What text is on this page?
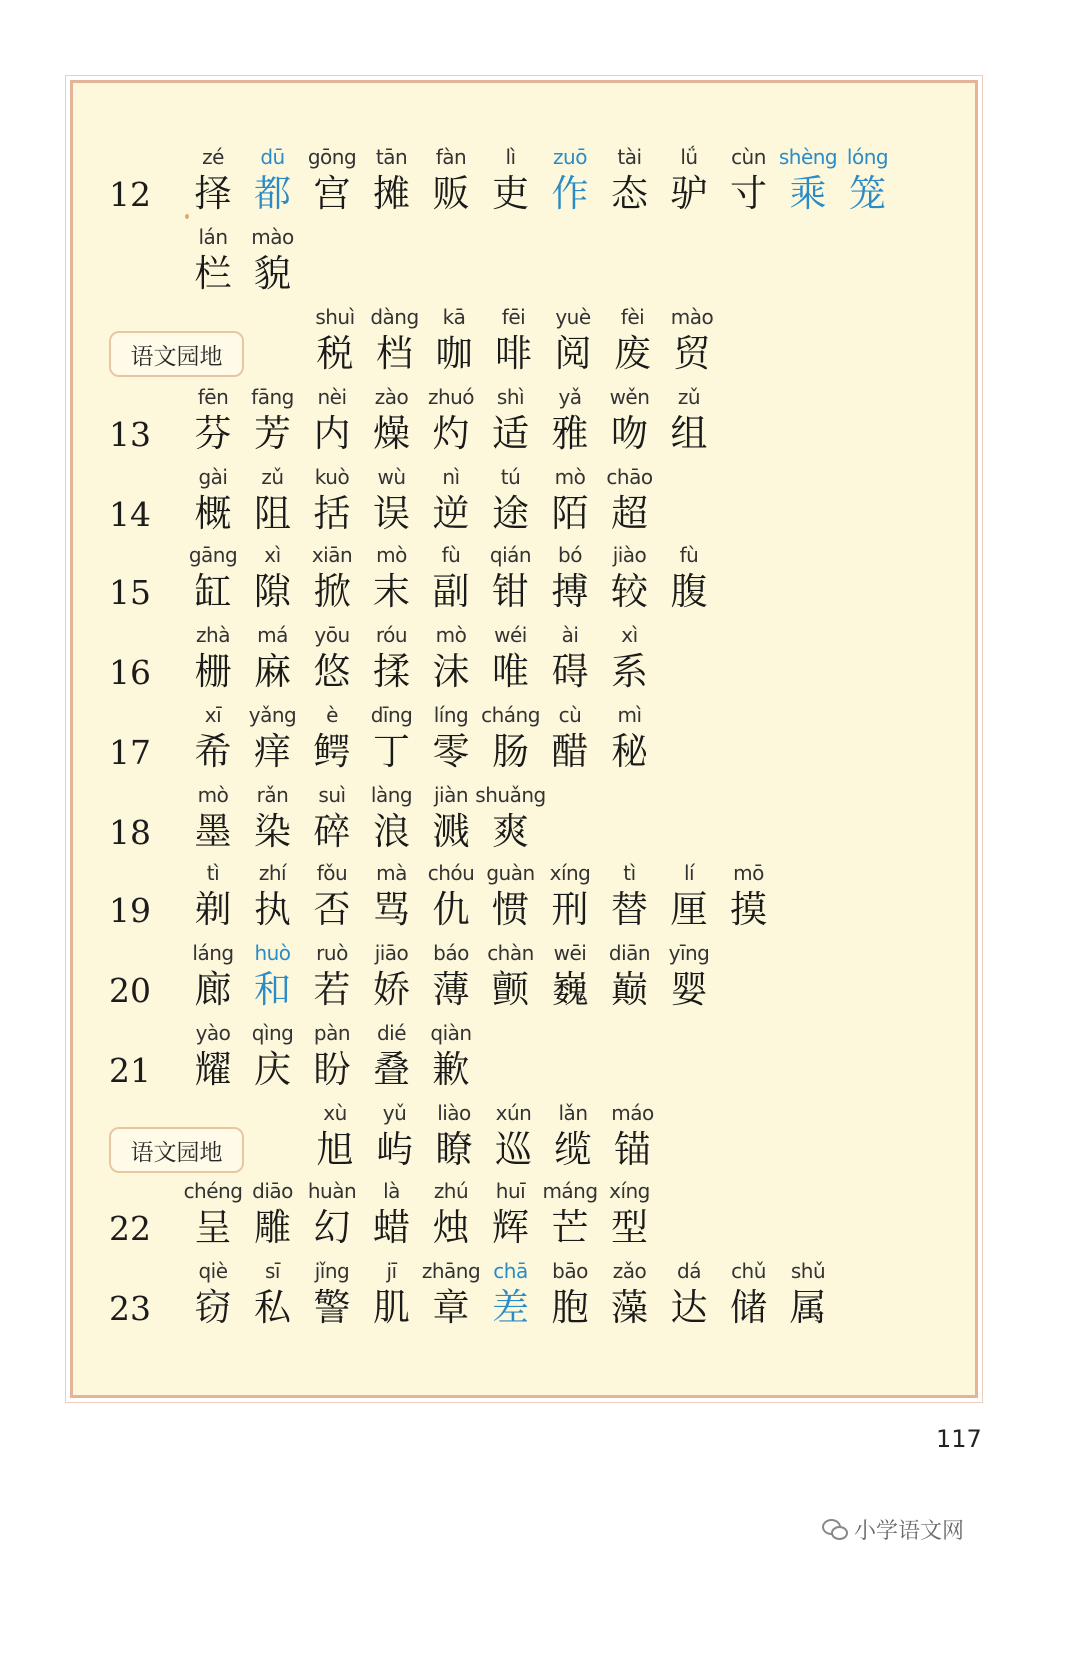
12
zé
择
dū
都
gōng
宫
tān
摊
fàn
贩
lì
吏
zuō
作
tài
态
lǘ
驴
cùn
寸
shèng
乘
lóng
笼
lán
栏
mào
貌
语文园地
shuì
税
dàng
档
kā
咖
fēi
啡
yuè
阅
fèi
废
mào
贸
13
fēn
芬
fāng
芳
nèi
内
zào
燥
zhuó
灼
shì
适
yǎ
雅
wěn
吻
zǔ
组
14
gài
概
zǔ
阻
kuò
括
wù
误
nì
逆
tú
途
mò
陌
chāo
超
15
gāng
缸
xì
隙
xiān
掀
mò
末
fù
副
qián
钳
bó
搏
jiào
较
fù
腹
16
zhà
栅
má
麻
yōu
悠
róu
揉
mò
沫
wéi
唯
ài
碍
xì
系
17
xī
希
yǎng
痒
è
鳄
dīng
丁
líng
零
cháng
肠
cù
醋
mì
秘
18
mò
墨
rǎn
染
suì
碎
làng
浪
jiàn
溅
shuǎng
爽
19
tì
剃
zhí
执
fǒu
否
mà
骂
chóu
仇
guàn
惯
xíng
刑
tì
替
lí
厘
mō
摸
20
láng
廊
huò
和
ruò
若
jiāo
娇
báo
薄
chàn
颤
wēi
巍
diān
巅
yīng
婴
21
yào
耀
qìng
庆
pàn
盼
dié
叠
qiàn
歉
语文园地
xù
旭
yǔ
屿
liào
瞭
xún
巡
lǎn
缆
máo
锚
22
chéng
呈
diāo
雕
huàn
幻
là
蜡
zhú
烛
huī
辉
máng
芒
xíng
型
23
qiè
窃
sī
私
jǐng
警
jī
肌
zhāng
章
chā
差
bāo
胞
zǎo
藻
dá
达
chǔ
储
shǔ
属
117
小学语文网
